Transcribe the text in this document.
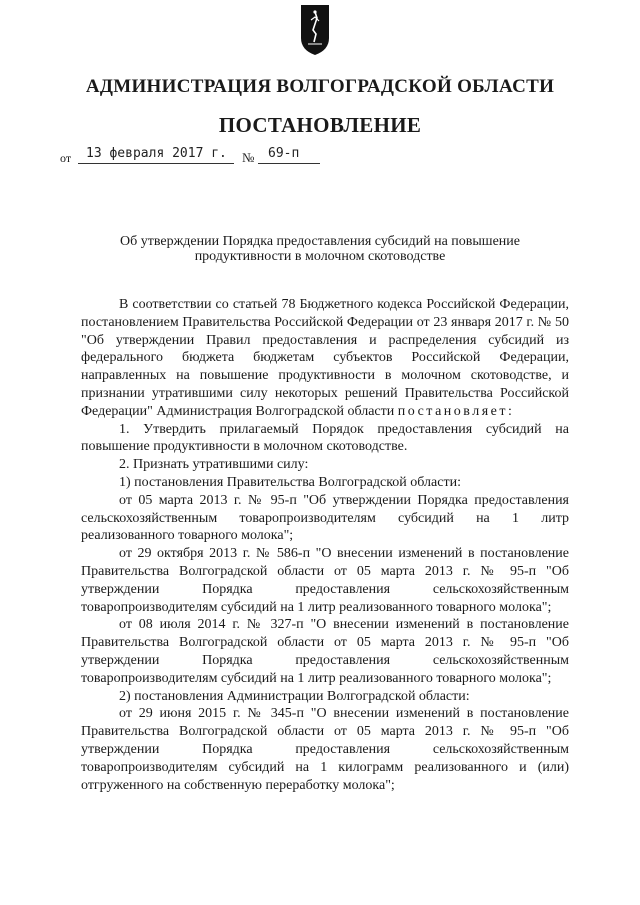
АДМИНИСТРАЦИЯ ВОЛГОГРАДСКОЙ ОБЛАСТИ
ПОСТАНОВЛЕНИЕ
от 13 февраля 2017 г. № 69-п
Об утверждении Порядка предоставления субсидий на повышение
продуктивности в молочном скотоводстве

В соответствии со статьей 78 Бюджетного кодекса Российской Федерации, постановлением Правительства Российской Федерации от 23 января 2017 г. № 50 "Об утверждении Правил предоставления и распределения субсидий из федерального бюджета бюджетам субъектов Российской Федерации, направленных на повышение продуктивности в молочном скотоводстве, и признании утратившими силу некоторых решений Правительства Российской Федерации" Администрация Волгоградской области постановляет:

1. Утвердить прилагаемый Порядок предоставления субсидий на повышение продуктивности в молочном скотоводстве.

2. Признать утратившими силу:

1) постановления Правительства Волгоградской области:

от 05 марта 2013 г. № 95-п "Об утверждении Порядка предоставления сельскохозяйственным товаропроизводителям субсидий на 1 литр реализованного товарного молока";

от 29 октября 2013 г. № 586-п "О внесении изменений в постановление Правительства Волгоградской области от 05 марта 2013 г. № 95-п "Об утверждении Порядка предоставления сельскохозяйственным товаропроизводителям субсидий на 1 литр реализованного товарного молока";

от 08 июля 2014 г. № 327-п "О внесении изменений в постановление Правительства Волгоградской области от 05 марта 2013 г. № 95-п "Об утверждении Порядка предоставления сельскохозяйственным товаропроизводителям субсидий на 1 литр реализованного товарного молока";

2) постановления Администрации Волгоградской области:

от 29 июня 2015 г. № 345-п "О внесении изменений в постановление Правительства Волгоградской области от 05 марта 2013 г. № 95-п "Об утверждении Порядка предоставления сельскохозяйственным товаропроизводителям субсидий на 1 килограмм реализованного и (или) отгруженного на собственную переработку молока";
